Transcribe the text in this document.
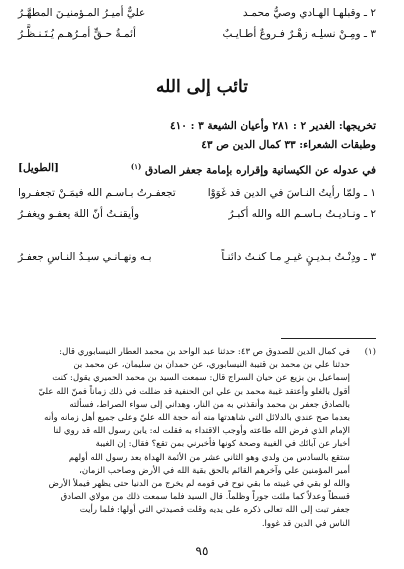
٢ ـ وقبلهـا الهـادي وصيُّ محمـد
عليٌّ أميـرُ المـؤمنيـنَ المطهَّـرُ
٣ ـ ومِـنْ نسلِـه زهْـرٌ فـروعٌ أطـايـبٌ
أئمـةُ حـقٍّ أمـرُهـم يُـتَـنـظَّـرُ
تائب إلى الله
تخريجها: الغدير ٢ : ٢٨١ وأعيان الشيعة ٣ : ٤١٠
وطبقات الشعراء: ٣٣ كمال الدين ص ٤٣
في عدوله عن الكيسانية وإقراره بإمامة جعفر الصادق $^{(١)}$
[الطويل]
١ ـ ولمّا رأيتُ النـاسَ في الدين قد غَوَوْا
تجعفـرتُ بـاسـم الله فيمَـنْ تجعفـروا
٢ ـ ونـاديـتُ بـاسـم الله والله أكبـرُ
وأيقنـتُ أنّ اللهَ يعفـو ويغفـرُ
٣ ـ ودِنْـتُ بـديـنٍ غيـرِ مـا كنـتُ دائنـاً
بـه ونهـانـي سيـدُ النـاسِ جعفـرُ
(١)

في كمال الدين للصدوق ص ٤٣: حدثنا عبد الواحد بن محمد العطار النيسابوري قال:

حدثنا علي بن محمد بن قتيبة النيسابوري، عن حمدان بن سليمان، عن محمد بن

إسماعيل بن بزيع عن حيان السراج قال: سمعت السيد بن محمد الحميري يقول: كنت

أقول بالغلو وأعتقد غيبة محمد بن علي ابن الحنفية قد ضللت في ذلك زماناً فمنّ الله عليّ

بالصادق جعفر بن محمد وأنقذني به من النار، وهداني إلى سواء الصراط، فسألته

بعدما صح عندي بالدلائل التي شاهدتها منه أنه حجة الله عليّ وعلى جميع أهل زمانه وأنه

الإمام الذي فرض الله طاعته وأوجب الاقتداء به فقلت له: يابن رسول الله قد روي لنا

أخبار عن آبائك في الغيبة وصحة كونها فأخبرني بمن تقع؟ فقال: إن الغيبة

ستقع بالسادس من ولدي وهو الثاني عشر من الأئمة الهداة بعد رسول الله أولهم

أمير المؤمنين علي وآخرهم القائم بالحق بقية الله في الأرض وصاحب الزمان،

والله لو بقي في غيبته ما بقي نوح في قومه لم يخرج من الدنيا حتى يظهر فيملأ الأرض

قسطاً وعدلاً كما ملئت جوراً وظلماً. قال السيد فلما سمعت ذلك من مولاي الصادق

جعفر تبت إلى الله تعالى ذكره على يديه وقلت قصيدتي التي أولها: فلما رأيت

الناس في الدين قد غووا.

٩٥
